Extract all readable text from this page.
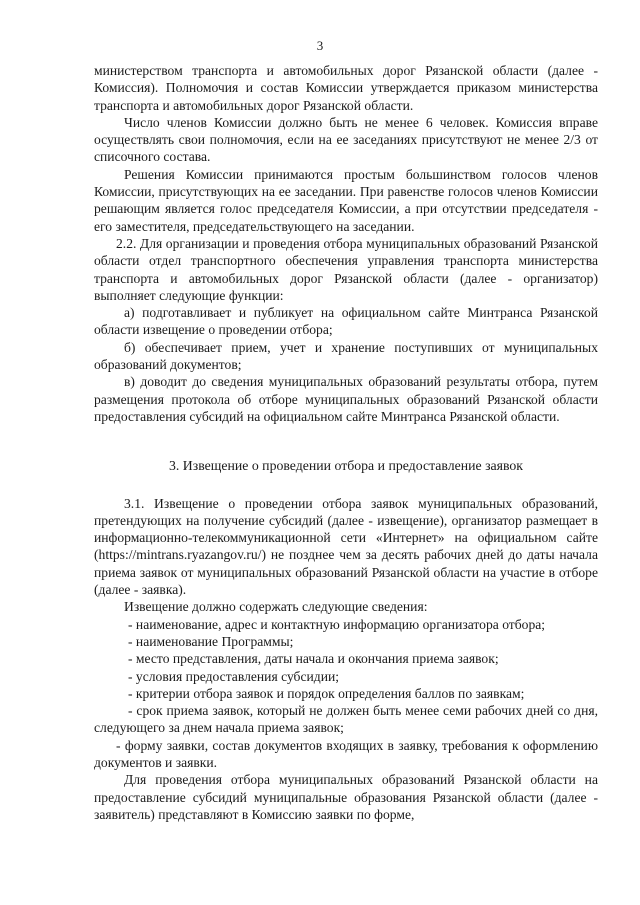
3

министерством транспорта и автомобильных дорог Рязанской области (далее - Комиссия). Полномочия и состав Комиссии утверждается приказом министерства транспорта и автомобильных дорог Рязанской области.

Число членов Комиссии должно быть не менее 6 человек. Комиссия вправе осуществлять свои полномочия, если на ее заседаниях присутствуют не менее 2/3 от списочного состава.

Решения Комиссии принимаются простым большинством голосов членов Комиссии, присутствующих на ее заседании. При равенстве голосов членов Комиссии решающим является голос председателя Комиссии, а при отсутствии председателя - его заместителя, председательствующего на заседании.

2.2. Для организации и проведения отбора муниципальных образований Рязанской области отдел транспортного обеспечения управления транспорта министерства транспорта и автомобильных дорог Рязанской области (далее - организатор) выполняет следующие функции:

а) подготавливает и публикует на официальном сайте Минтранса Рязанской области извещение о проведении отбора;

б) обеспечивает прием, учет и хранение поступивших от муниципальных образований документов;

в) доводит до сведения муниципальных образований результаты отбора, путем размещения протокола об отборе муниципальных образований Рязанской области предоставления субсидий на официальном сайте Минтранса Рязанской области.

3. Извещение о проведении отбора и предоставление заявок

3.1. Извещение о проведении отбора заявок муниципальных образований, претендующих на получение субсидий (далее - извещение), организатор размещает в информационно-телекоммуникационной сети «Интернет» на официальном сайте (https://mintrans.ryazangov.ru/) не позднее чем за десять рабочих дней до даты начала приема заявок от муниципальных образований Рязанской области на участие в отборе (далее - заявка).

Извещение должно содержать следующие сведения:

- наименование, адрес и контактную информацию организатора отбора;

- наименование Программы;

- место представления, даты начала и окончания приема заявок;

- условия предоставления субсидии;

- критерии отбора заявок и порядок определения баллов по заявкам;

- срок приема заявок, который не должен быть менее семи рабочих дней со дня, следующего за днем начала приема заявок;

- форму заявки, состав документов входящих в заявку, требования к оформлению документов и заявки.

Для проведения отбора муниципальных образований Рязанской области на предоставление субсидий муниципальные образования Рязанской области (далее - заявитель) представляют в Комиссию заявки по форме,
